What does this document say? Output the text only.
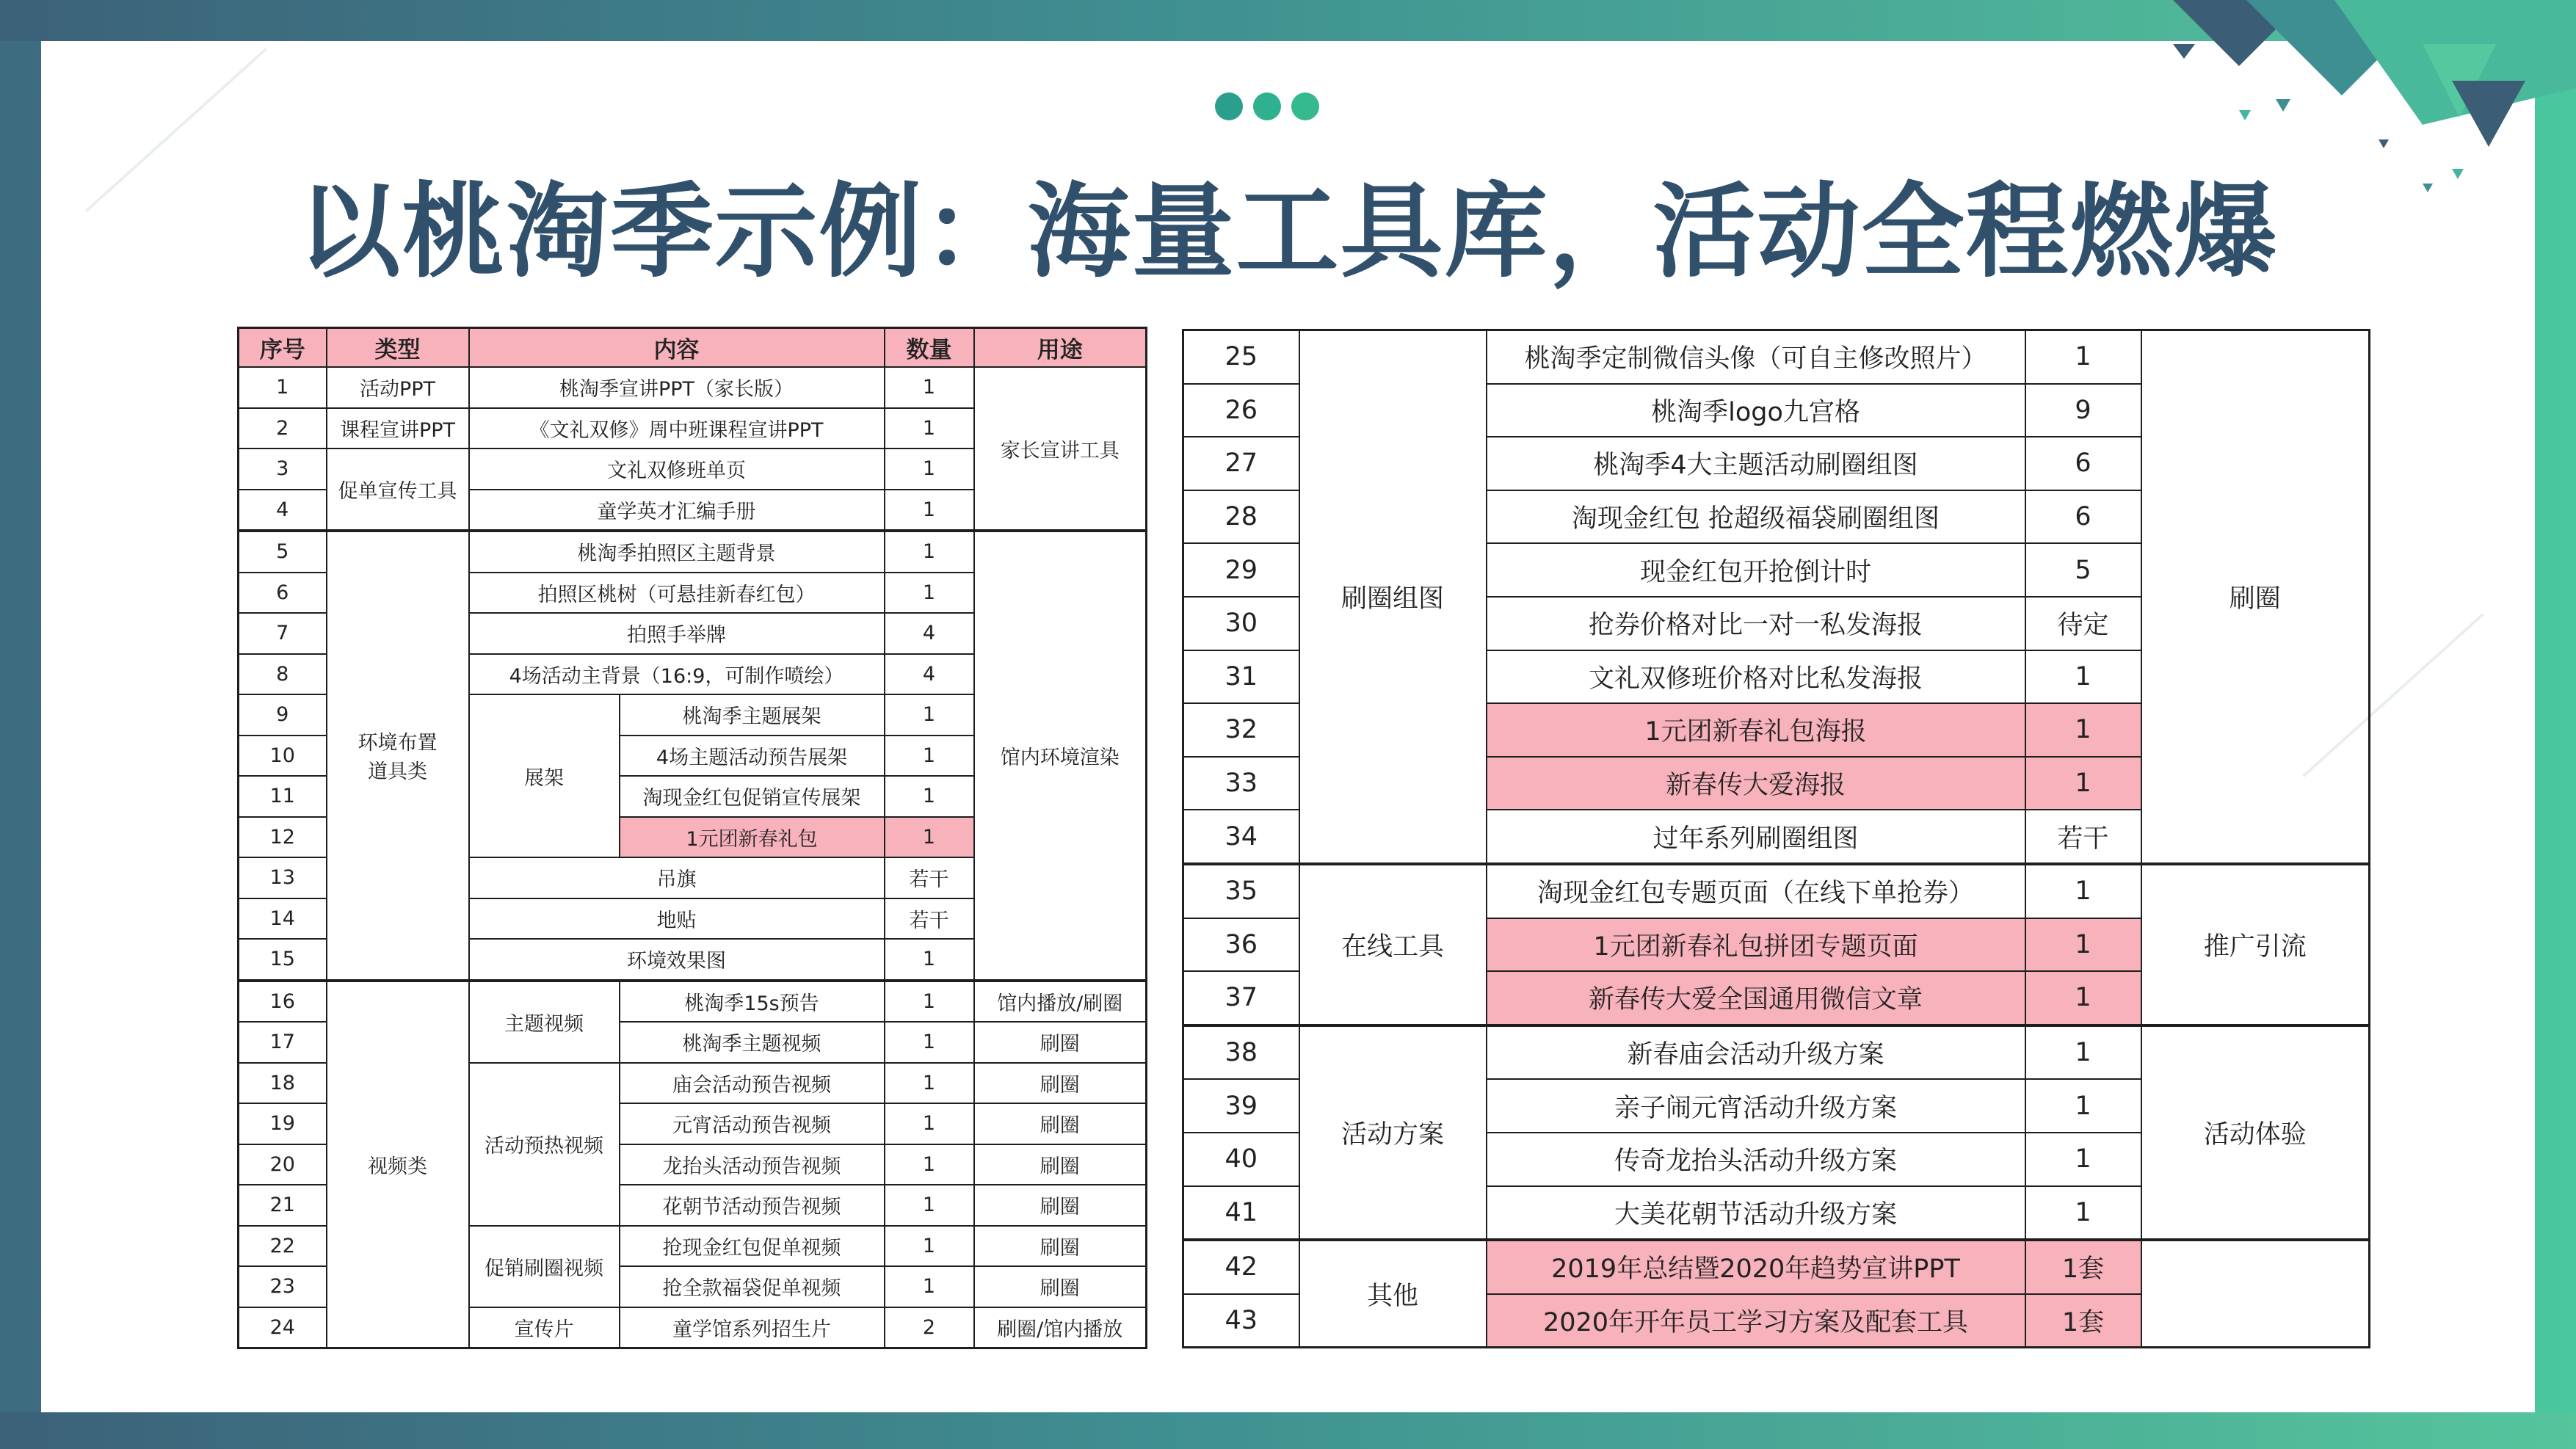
以桃淘季示例：海量工具库，活动全程燃爆
序号	类型	内容		数量	用途
1	活动PPT	桃淘季宣讲PPT（家长版）		1	家长宣讲工具
2	课程宣讲PPT	《文礼双修》周中班课程宣讲PPT		1	
3	促单宣传工具	文礼双修班单页		1	
4		童学英才汇编手册		1	
5	环境布置道具类	桃淘季拍照区主题背景		1	馆内环境渲染
6		拍照区桃树（可悬挂新春红包）		1	
7		拍照手举牌		4	
8		4场活动主背景（16:9，可制作喷绘）		4	
9		展架	桃淘季主题展架	1	
10			4场主题活动预告展架	1	
11			淘现金红包促销宣传展架	1	
12			1元团新春礼包	1	
13		吊旗		若干	
14		地贴		若干	
15		环境效果图		1	
16	视频类	主题视频	桃淘季15s预告	1	馆内播放/刷圈
17			桃淘季主题视频	1	刷圈
18		活动预热视频	庙会活动预告视频	1	刷圈
19			元宵活动预告视频	1	刷圈
20			龙抬头活动预告视频	1	刷圈
21			花朝节活动预告视频	1	刷圈
22		促销刷圈视频	抢现金红包促单视频	1	刷圈
23			抢全款福袋促单视频	1	刷圈
24		宣传片	童学馆系列招生片	2	刷圈/馆内播放
25	刷圈组图	桃淘季定制微信头像（可自主修改照片）	1	刷圈
26		桃淘季logo九宫格	9	
27		桃淘季4大主题活动刷圈组图	6	
28		淘现金红包 抢超级福袋刷圈组图	6	
29		现金红包开抢倒计时	5	
30		抢券价格对比一对一私发海报	待定	
31		文礼双修班价格对比私发海报	1	
32		1元团新春礼包海报	1	
33		新春传大爱海报	1	
34		过年系列刷圈组图	若干	
35	在线工具	淘现金红包专题页面（在线下单抢券）	1	推广引流
36		1元团新春礼包拼团专题页面	1	
37		新春传大爱全国通用微信文章	1	
38	活动方案	新春庙会活动升级方案	1	活动体验
39		亲子闹元宵活动升级方案	1	
40		传奇龙抬头活动升级方案	1	
41		大美花朝节活动升级方案	1	
42	其他	2019年总结暨2020年趋势宣讲PPT	1套	
43		2020年开年员工学习方案及配套工具	1套	
